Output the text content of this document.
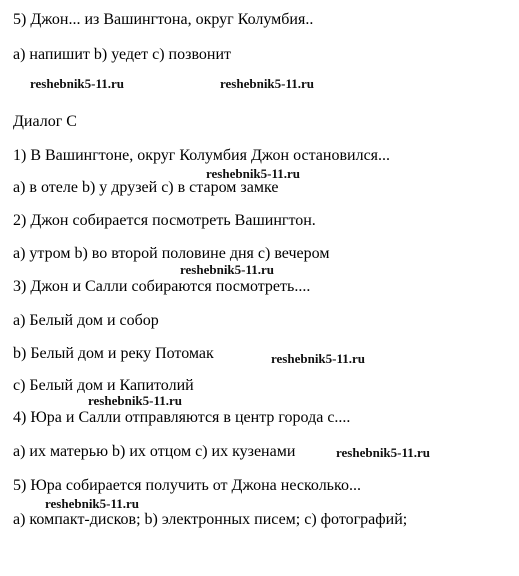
5) Джон... из Вашингтона, округ Колумбия..
a) напишит b) уедет c) позвонит
Диалог C
1) В Вашингтоне, округ Колумбия Джон остановился...
a) в отеле b) у друзей c) в старом замке
2) Джон собирается посмотреть Вашингтон.
a) утром b) во второй половине дня c) вечером
3) Джон и Салли собираются посмотреть....
a) Белый дом и собор
b) Белый дом и реку Потомак
c) Белый дом и Капитолий
4) Юра и Салли отправляются в центр города с....
a) их матерью b) их отцом c) их кузенами
5) Юра собирается получить от Джона несколько...
a) компакт-дисков; b) электронных писем; c) фотографий;
reshebnik5-11.ru	reshebnik5-11.ru
reshebnik5-11.ru
reshebnik5-11.ru
reshebnik5-11.ru
reshebnik5-11.ru
reshebnik5-11.ru
reshebnik5-11.ru
